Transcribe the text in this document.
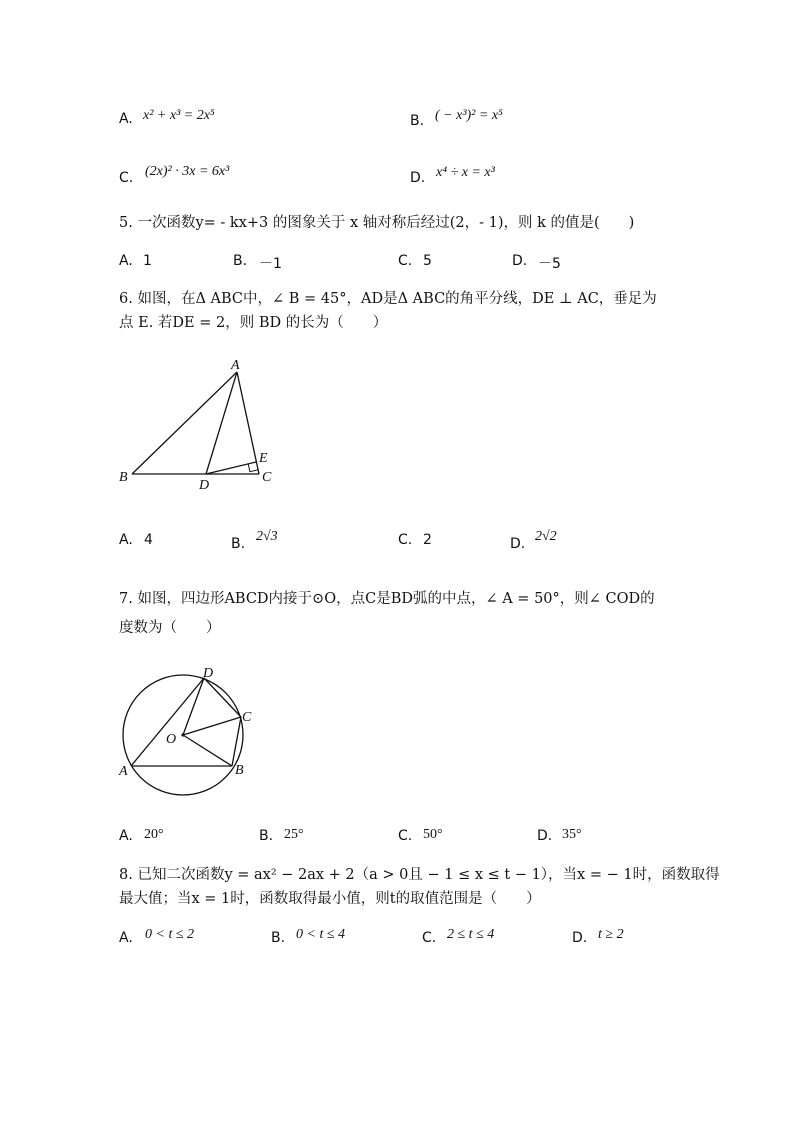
A. x² + x³ = 2x⁵	B. ( − x³)² = x⁵
C. (2x)² · 3x = 6x³	D. x⁴ ÷ x = x³
5. 一次函数y= - kx+3 的图象关于 x 轴对称后经过(2，- 1)，则 k 的值是(　　)
A. 1	B. －1	C. 5	D. －5
6. 如图，在Δ ABC中，∠ B = 45°，AD是Δ ABC的角平分线，DE ⊥ AC，垂足为
点 E. 若DE = 2，则 BD 的长为（　　）
A
B	C
D
E
A. 4	B. 2√3	C. 2	D. 2√2
7. 如图，四边形ABCD内接于⊙O，点C是BD弧的中点，∠ A = 50°，则∠ COD的
度数为（　　）
A	B
C
D
O
A. 20°	B. 25°	C. 50°	D. 35°
8. 已知二次函数y = ax² − 2ax + 2（a > 0且 − 1 ≤ x ≤ t − 1），当x = − 1时，函数取得
最大值；当x = 1时，函数取得最小值，则t的取值范围是（　　）
A. 0 < t ≤ 2	B. 0 < t ≤ 4	C. 2 ≤ t ≤ 4	D. t ≥ 2
